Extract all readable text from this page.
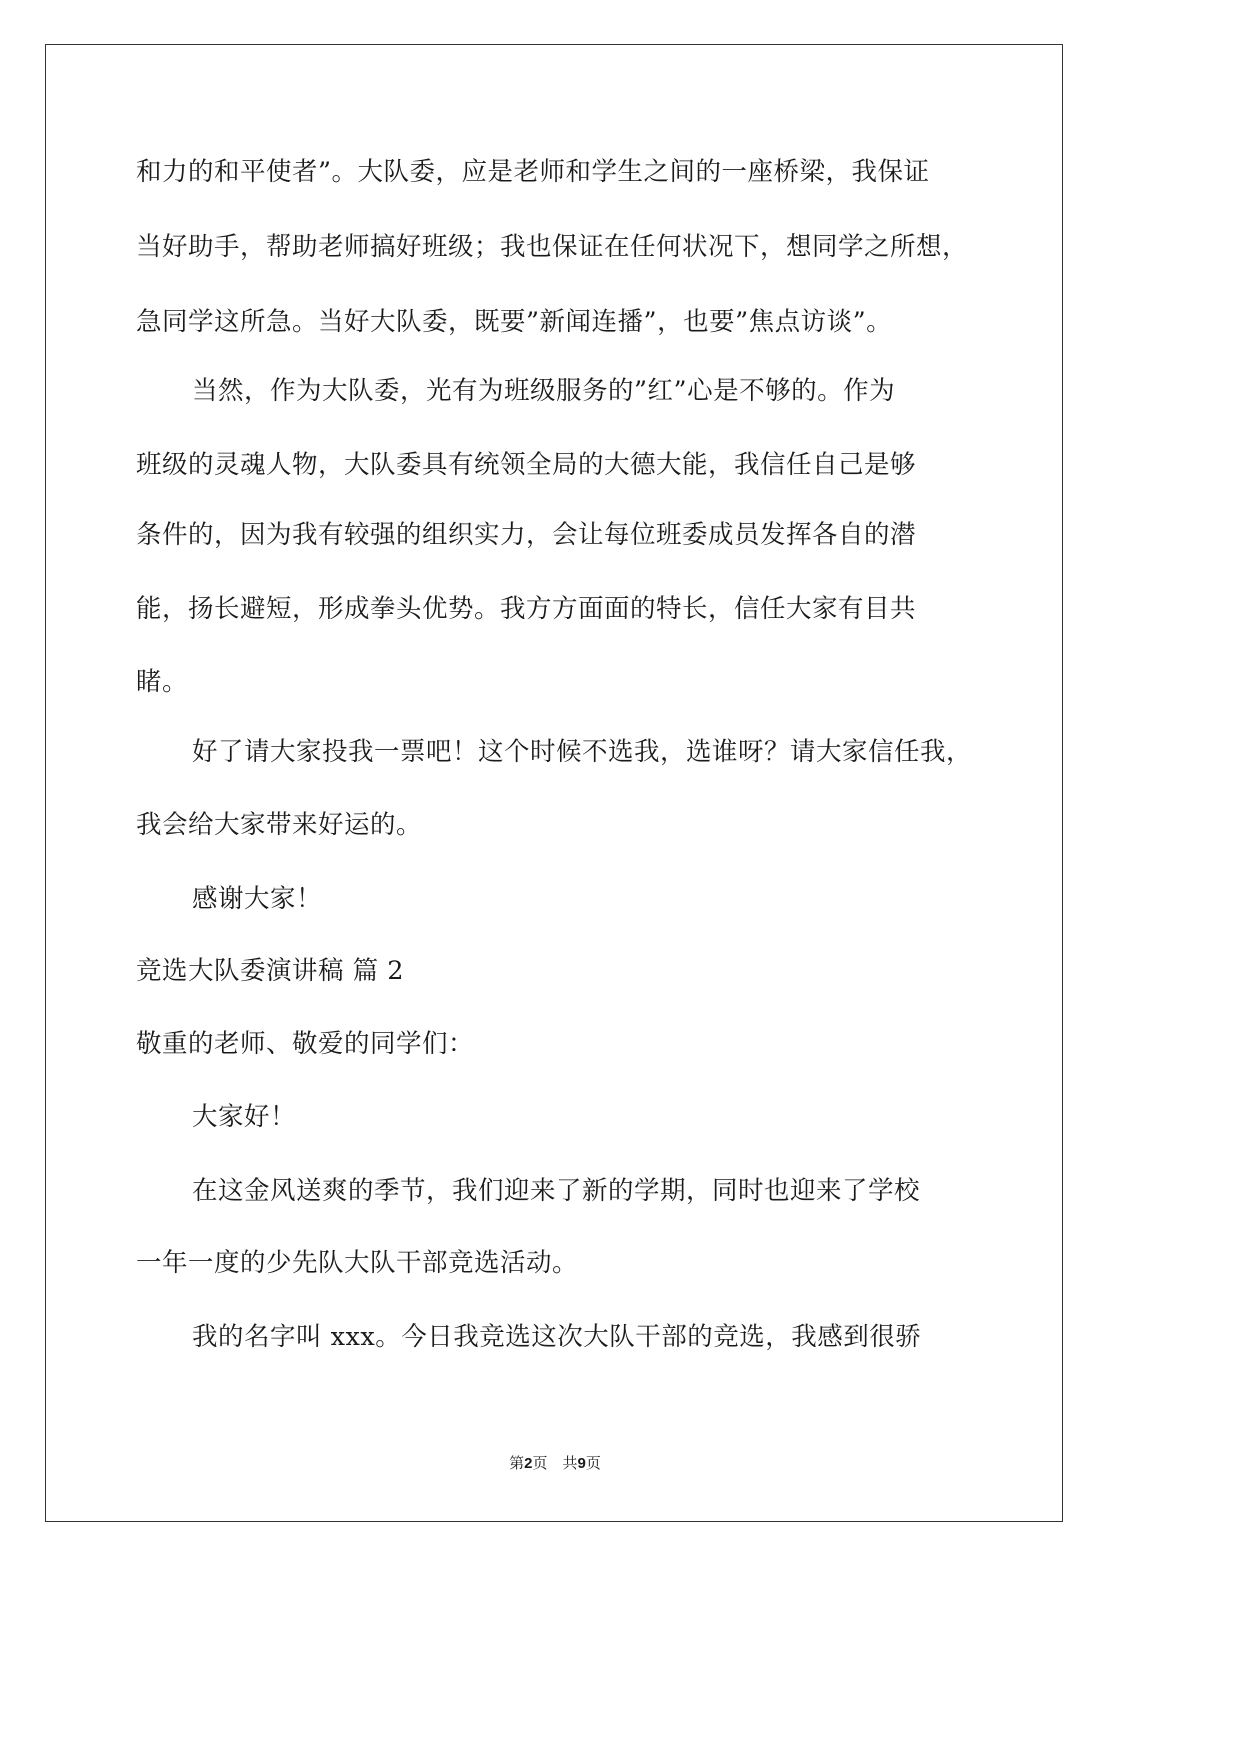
和力的和平使者”。大队委，应是老师和学生之间的一座桥梁，我保证
当好助手，帮助老师搞好班级；我也保证在任何状况下，想同学之所想，
急同学这所急。当好大队委，既要”新闻连播”，也要”焦点访谈”。
当然，作为大队委，光有为班级服务的”红”心是不够的。作为
班级的灵魂人物，大队委具有统领全局的大德大能，我信任自己是够
条件的，因为我有较强的组织实力，会让每位班委成员发挥各自的潜
能，扬长避短，形成拳头优势。我方方面面的特长，信任大家有目共
睹。
好了请大家投我一票吧！这个时候不选我，选谁呀？请大家信任我，
我会给大家带来好运的。
感谢大家！
竞选大队委演讲稿 篇 2
敬重的老师、敬爱的同学们：
大家好！
在这金风送爽的季节，我们迎来了新的学期，同时也迎来了学校
一年一度的少先队大队干部竞选活动。
我的名字叫 xxx。今日我竞选这次大队干部的竞选，我感到很骄
第2页　共9页
